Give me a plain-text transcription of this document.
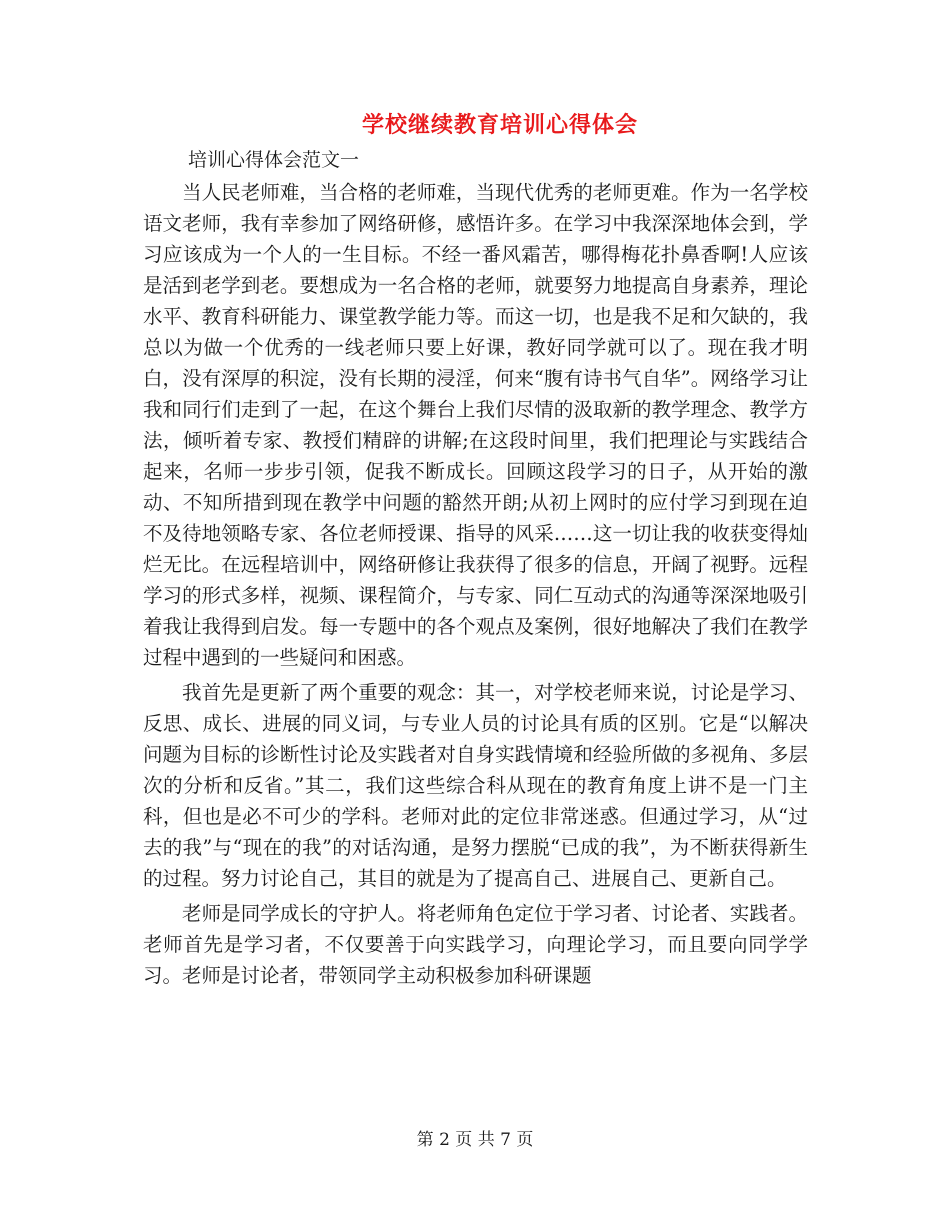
学校继续教育培训心得体会

培训心得体会范文一

当人民老师难，当合格的老师难，当现代优秀的老师更难。作为一名学校语文老师，我有幸参加了网络研修，感悟许多。在学习中我深深地体会到，学习应该成为一个人的一生目标。不经一番风霜苦，哪得梅花扑鼻香啊!人应该是活到老学到老。要想成为一名合格的老师，就要努力地提高自身素养，理论水平、教育科研能力、课堂教学能力等。而这一切，也是我不足和欠缺的，我总以为做一个优秀的一线老师只要上好课，教好同学就可以了。现在我才明白，没有深厚的积淀，没有长期的浸淫，何来“腹有诗书气自华”。网络学习让我和同行们走到了一起，在这个舞台上我们尽情的汲取新的教学理念、教学方法，倾听着专家、教授们精辟的讲解;在这段时间里，我们把理论与实践结合起来，名师一步步引领，促我不断成长。回顾这段学习的日子，从开始的激动、不知所措到现在教学中问题的豁然开朗;从初上网时的应付学习到现在迫不及待地领略专家、各位老师授课、指导的风采……这一切让我的收获变得灿烂无比。在远程培训中，网络研修让我获得了很多的信息，开阔了视野。远程学习的形式多样，视频、课程简介，与专家、同仁互动式的沟通等深深地吸引着我让我得到启发。每一专题中的各个观点及案例，很好地解决了我们在教学过程中遇到的一些疑问和困惑。

我首先是更新了两个重要的观念：其一，对学校老师来说，讨论是学习、反思、成长、进展的同义词，与专业人员的讨论具有质的区别。它是“以解决问题为目标的诊断性讨论及实践者对自身实践情境和经验所做的多视角、多层次的分析和反省。”其二，我们这些综合科从现在的教育角度上讲不是一门主科，但也是必不可少的学科。老师对此的定位非常迷惑。但通过学习，从“过去的我”与“现在的我”的对话沟通，是努力摆脱“已成的我”，为不断获得新生的过程。努力讨论自己，其目的就是为了提高自己、进展自己、更新自己。

老师是同学成长的守护人。将老师角色定位于学习者、讨论者、实践者。老师首先是学习者，不仅要善于向实践学习，向理论学习，而且要向同学学习。老师是讨论者，带领同学主动积极参加科研课题

第 2 页 共 7 页
